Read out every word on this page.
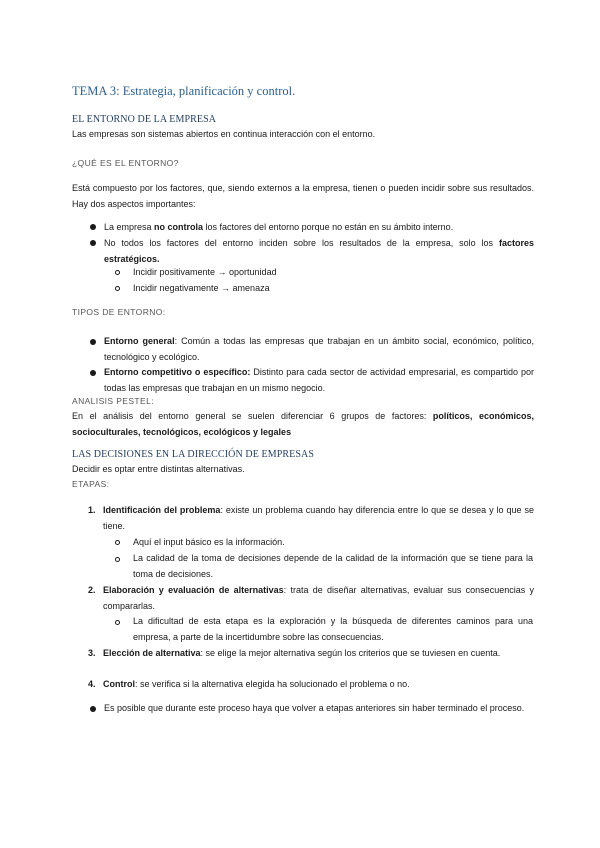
TEMA 3: Estrategia, planificación y control.
EL ENTORNO DE LA EMPRESA
Las empresas son sistemas abiertos en continua interacción con el entorno.
¿QUÉ ES EL ENTORNO?
Está compuesto por los factores, que, siendo externos a la empresa, tienen o pueden incidir sobre sus resultados. Hay dos aspectos importantes:
La empresa no controla los factores del entorno porque no están en su ámbito interno.
No todos los factores del entorno inciden sobre los resultados de la empresa, solo los factores estratégicos.
Incidir positivamente → oportunidad
Incidir negativamente → amenaza
TIPOS DE ENTORNO:
Entorno general: Común a todas las empresas que trabajan en un ámbito social, económico, político, tecnológico y ecológico.
Entorno competitivo o específico: Distinto para cada sector de actividad empresarial, es compartido por todas las empresas que trabajan en un mismo negocio.
ANALISIS PESTEL:
En el análisis del entorno general se suelen diferenciar 6 grupos de factores: políticos, económicos, socioculturales, tecnológicos, ecológicos y legales
LAS DECISIONES EN LA DIRECCIÓN DE EMPRESAS
Decidir es optar entre distintas alternativas.
ETAPAS:
1. Identificación del problema: existe un problema cuando hay diferencia entre lo que se desea y lo que se tiene.
Aquí el input básico es la información.
La calidad de la toma de decisiones depende de la calidad de la información que se tiene para la toma de decisiones.
2. Elaboración y evaluación de alternativas: trata de diseñar alternativas, evaluar sus consecuencias y compararlas.
La dificultad de esta etapa es la exploración y la búsqueda de diferentes caminos para una empresa, a parte de la incertidumbre sobre las consecuencias.
3. Elección de alternativa: se elige la mejor alternativa según los criterios que se tuviesen en cuenta.
4. Control: se verifica si la alternativa elegida ha solucionado el problema o no.
Es posible que durante este proceso haya que volver a etapas anteriores sin haber terminado el proceso.
